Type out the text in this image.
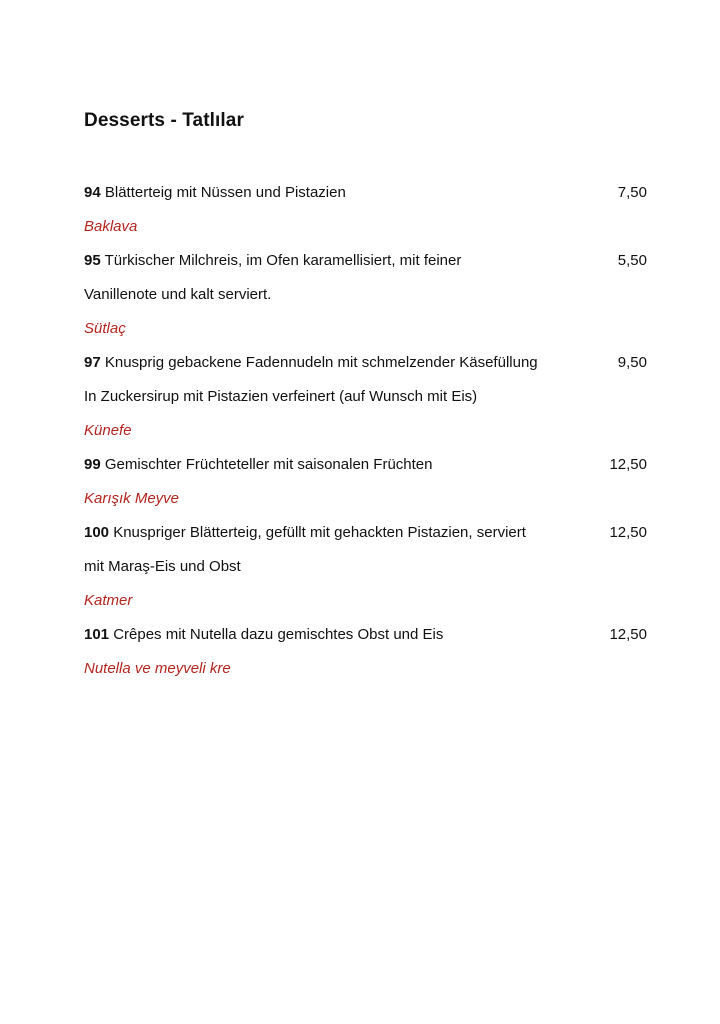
Desserts - Tatlılar
94 Blätterteig mit Nüssen und Pistazien	7,50
Baklava
95 Türkischer Milchreis, im Ofen karamellisiert, mit feiner	5,50
Vanillenote und kalt serviert.
Sütlaç
97 Knusprig gebackene Fadennudeln mit schmelzender Käsefüllung	9,50
In Zuckersirup mit Pistazien verfeinert (auf Wunsch mit Eis)
Künefe
99 Gemischter Früchteteller mit saisonalen Früchten	12,50
Karışık Meyve
100 Knuspriger Blätterteig, gefüllt mit gehackten Pistazien, serviert	12,50
mit Maraş-Eis und Obst
Katmer
101 Crêpes mit Nutella dazu gemischtes Obst und Eis	12,50
Nutella ve meyveli kre
